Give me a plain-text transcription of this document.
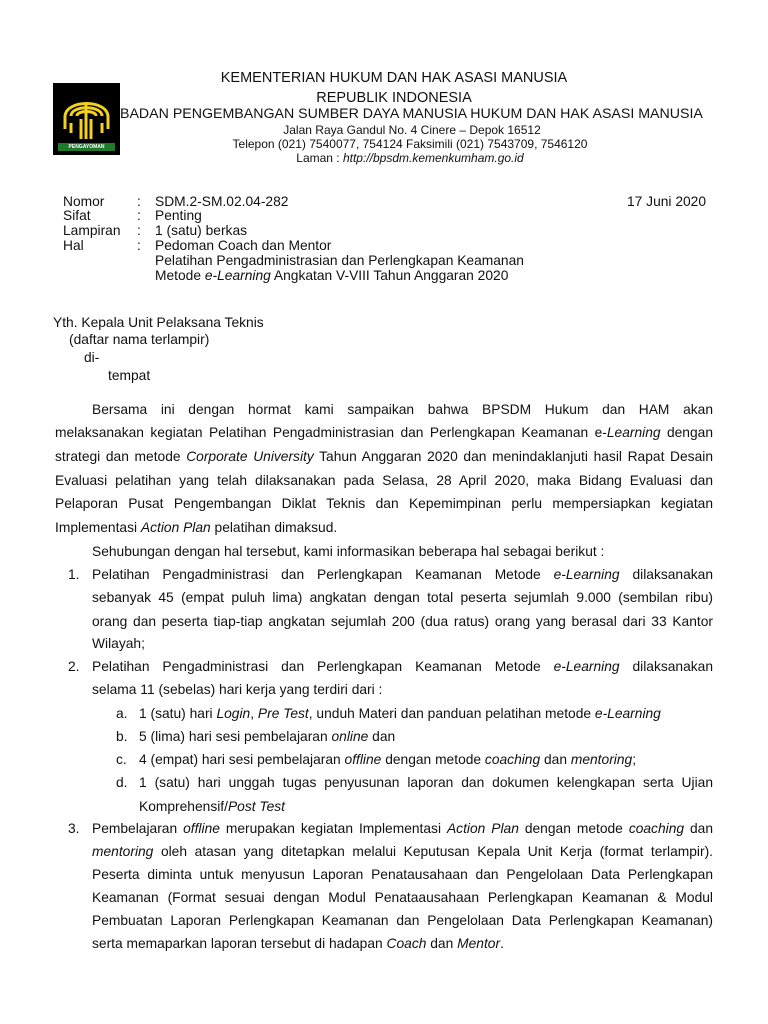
PENGAYOMAN
KEMENTERIAN HUKUM DAN HAK ASASI MANUSIA
REPUBLIK INDONESIA
BADAN PENGEMBANGAN SUMBER DAYA MANUSIA HUKUM DAN HAK ASASI MANUSIA
Jalan Raya Gandul No. 4 Cinere – Depok 16512
Telepon (021) 7540077, 754124 Faksimili (021) 7543709, 7546120
Laman : http://bpsdm.kemenkumham.go.id
Nomor : SDM.2-SM.02.04-282	17 Juni 2020
Sifat	: Penting
Lampiran : 1 (satu) berkas
Hal	: Pedoman Coach dan Mentor
Pelatihan Pengadministrasian dan Perlengkapan Keamanan
Metode e-Learning Angkatan V-VIII Tahun Anggaran 2020
Yth. Kepala Unit Pelaksana Teknis
(daftar nama terlampir)
di-
tempat
Bersama ini dengan hormat kami sampaikan bahwa BPSDM Hukum dan HAM akan
melaksanakan kegiatan Pelatihan Pengadministrasian dan Perlengkapan Keamanan e-Learning dengan
strategi dan metode Corporate University Tahun Anggaran 2020 dan menindaklanjuti hasil Rapat Desain
Evaluasi pelatihan yang telah dilaksanakan pada Selasa, 28 April 2020, maka Bidang Evaluasi dan
Pelaporan Pusat Pengembangan Diklat Teknis dan Kepemimpinan perlu mempersiapkan kegiatan
Implementasi Action Plan pelatihan dimaksud.
Sehubungan dengan hal tersebut, kami informasikan beberapa hal sebagai berikut :
1. Pelatihan Pengadministrasi dan Perlengkapan Keamanan Metode e-Learning dilaksanakan
sebanyak 45 (empat puluh lima) angkatan dengan total peserta sejumlah 9.000 (sembilan ribu)
orang dan peserta tiap-tiap angkatan sejumlah 200 (dua ratus) orang yang berasal dari 33 Kantor
Wilayah;
2. Pelatihan Pengadministrasi dan Perlengkapan Keamanan Metode e-Learning dilaksanakan
selama 11 (sebelas) hari kerja yang terdiri dari :
a. 1 (satu) hari Login, Pre Test, unduh Materi dan panduan pelatihan metode e-Learning
b. 5 (lima) hari sesi pembelajaran online dan
c. 4 (empat) hari sesi pembelajaran offline dengan metode coaching dan mentoring;
d. 1 (satu) hari unggah tugas penyusunan laporan dan dokumen kelengkapan serta Ujian
Komprehensif/Post Test
3. Pembelajaran offline merupakan kegiatan Implementasi Action Plan dengan metode coaching dan
mentoring oleh atasan yang ditetapkan melalui Keputusan Kepala Unit Kerja (format terlampir).
Peserta diminta untuk menyusun Laporan Penatausahaan dan Pengelolaan Data Perlengkapan
Keamanan (Format sesuai dengan Modul Penataausahaan Perlengkapan Keamanan & Modul
Pembuatan Laporan Perlengkapan Keamanan dan Pengelolaan Data Perlengkapan Keamanan)
serta memaparkan laporan tersebut di hadapan Coach dan Mentor.
